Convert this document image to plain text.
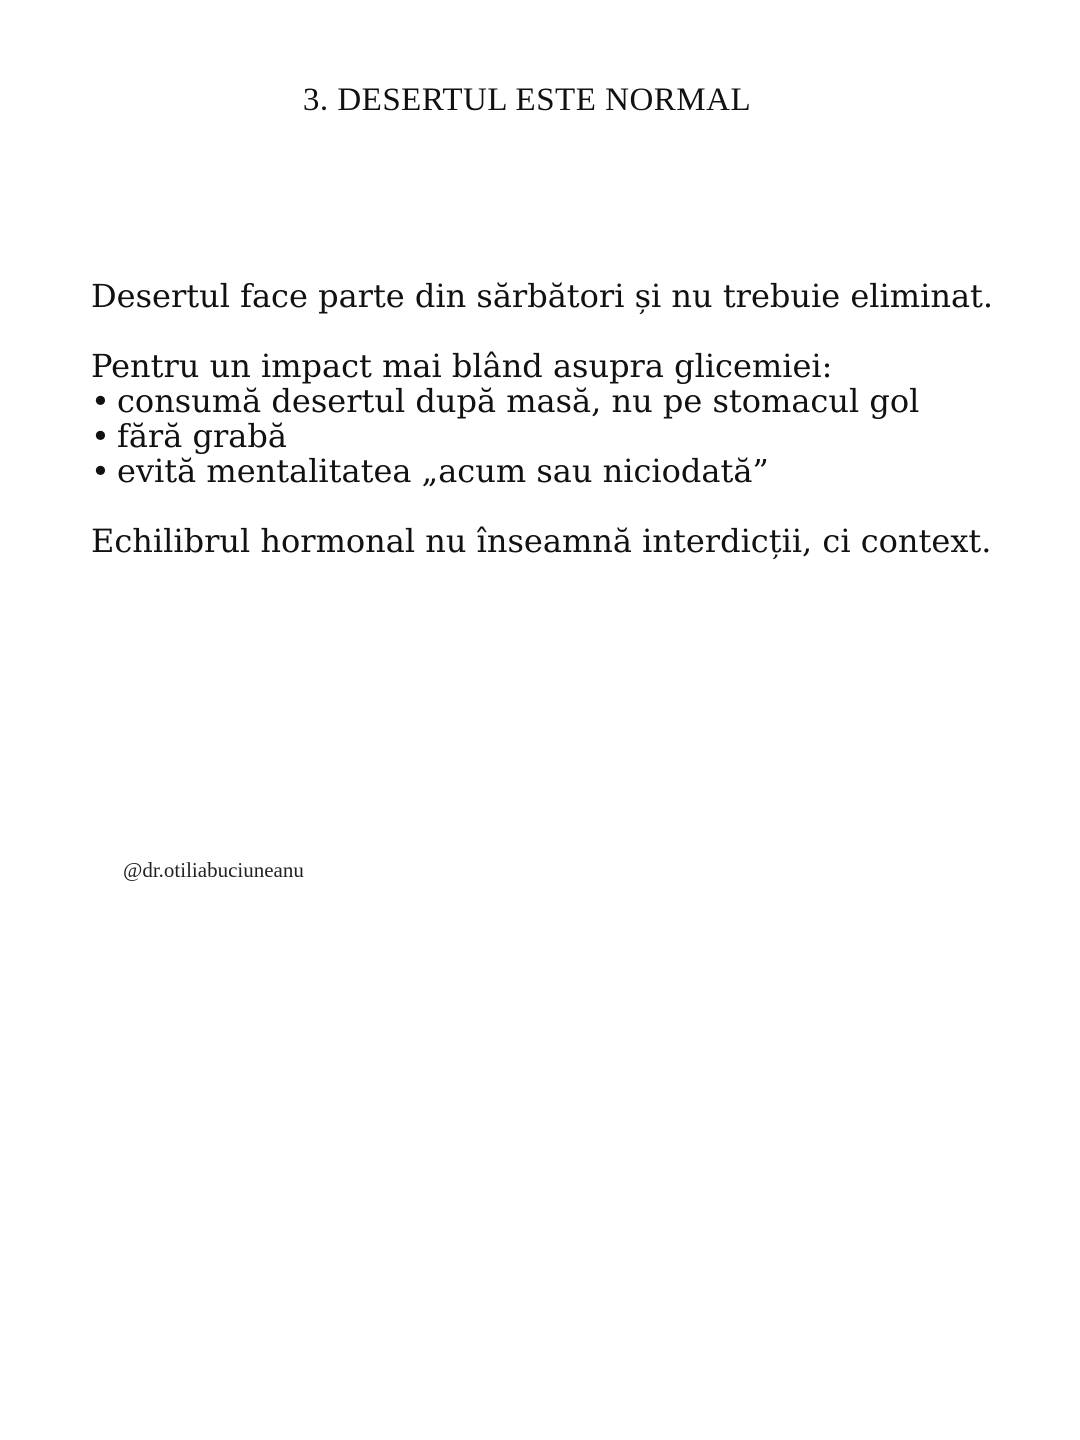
3. DESERTUL ESTE NORMAL

Desertul face parte din sărbători și nu trebuie eliminat.

Pentru un impact mai blând asupra glicemiei:

• consumă desertul după masă, nu pe stomacul gol
• fără grabă
• evită mentalitatea „acum sau niciodată”

Echilibrul hormonal nu înseamnă interdicții, ci context.

@dr.otiliabuciuneanu
